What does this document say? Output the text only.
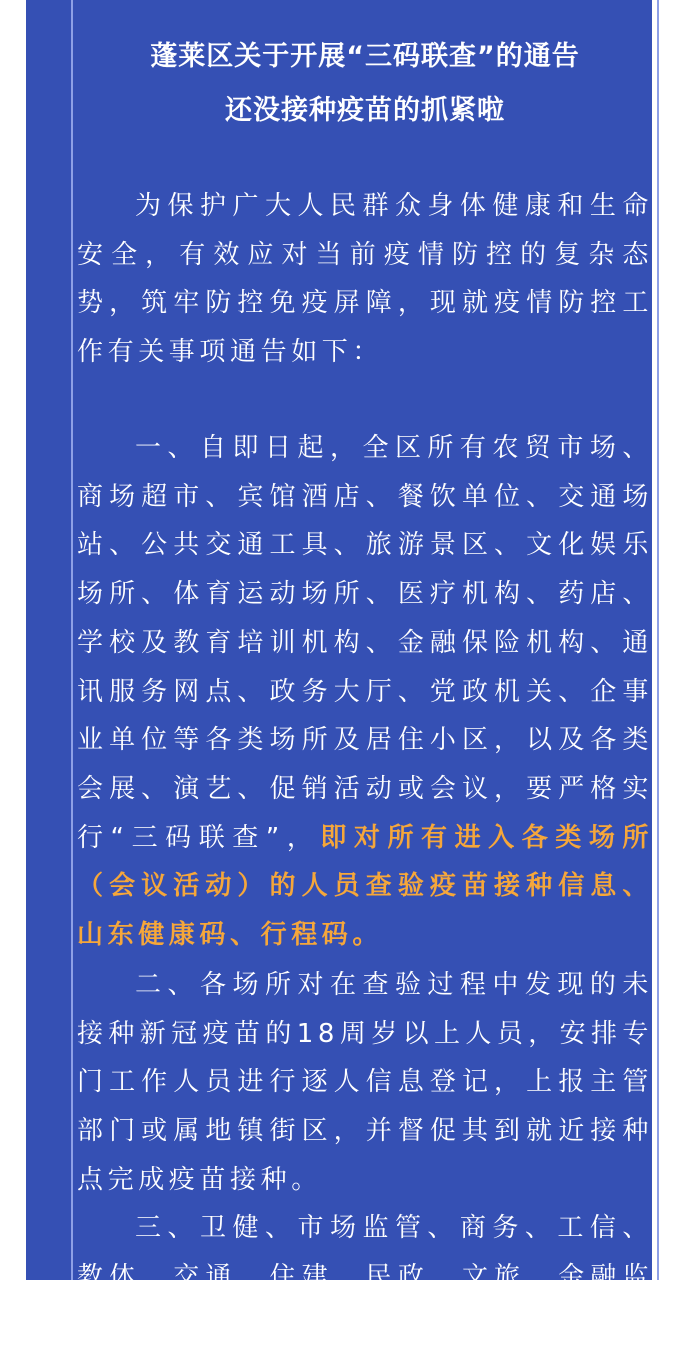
蓬莱区关于开展“三码联查”的通告
还没接种疫苗的抓紧啦

为保护广大人民群众身体健康和生命安全，有效应对当前疫情防控的复杂态势，筑牢防控免疫屏障，现就疫情防控工作有关事项通告如下：

一、自即日起，全区所有农贸市场、商场超市、宾馆酒店、餐饮单位、交通场站、公共交通工具、旅游景区、文化娱乐场所、体育运动场所、医疗机构、药店、学校及教育培训机构、金融保险机构、通讯服务网点、政务大厅、党政机关、企事业单位等各类场所及居住小区，以及各类会展、演艺、促销活动或会议，要严格实行“三码联查”，即对所有进入各类场所（会议活动）的人员查验疫苗接种信息、山东健康码、行程码。

二、各场所对在查验过程中发现的未接种新冠疫苗的18周岁以上人员，安排专门工作人员进行逐人信息登记，上报主管部门或属地镇街区，并督促其到就近接种点完成疫苗接种。

三、卫健、市场监管、商务、工信、教体、交通、住建、民政、文旅、金融监管局等
